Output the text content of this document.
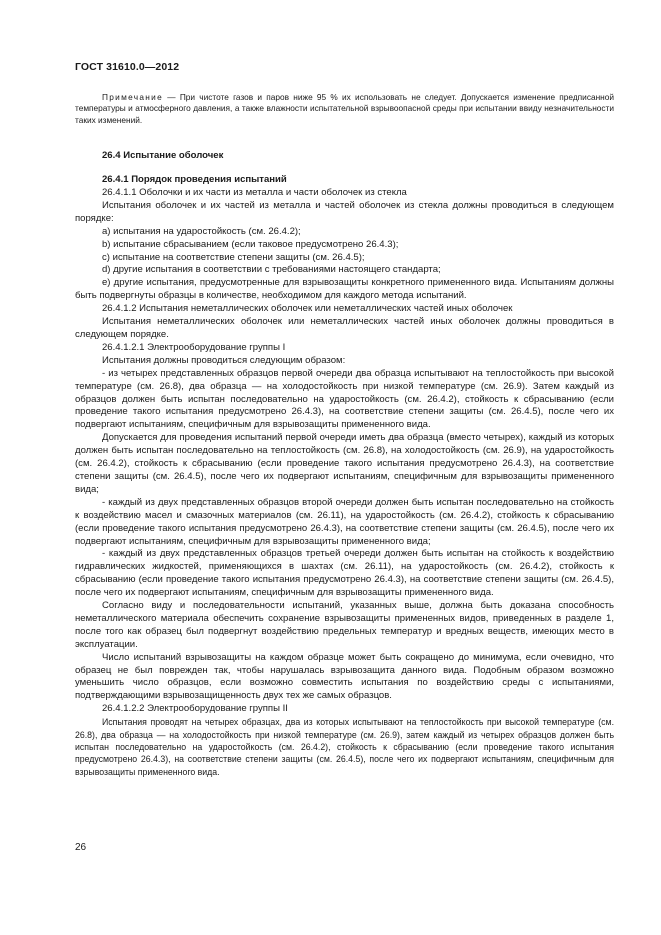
ГОСТ 31610.0—2012

Примечание — При чистоте газов и паров ниже 95 % их использовать не следует. Допускается изменение предписанной температуры и атмосферного давления, а также влажности испытательной взрывоопасной среды при испытании ввиду незначительности таких изменений.

26.4 Испытание оболочек
26.4.1 Порядок проведения испытаний

26.4.1.1 Оболочки и их части из металла и части оболочек из стекла

Испытания оболочек и их частей из металла и частей оболочек из стекла должны проводиться в следующем порядке:

a) испытания на ударостойкость (см. 26.4.2);

b) испытание сбрасыванием (если таковое предусмотрено 26.4.3);

c) испытание на соответствие степени защиты (см. 26.4.5);

d) другие испытания в соответствии с требованиями настоящего стандарта;

e) другие испытания, предусмотренные для взрывозащиты конкретного примененного вида. Испытаниям должны быть подвергнуты образцы в количестве, необходимом для каждого метода испытаний.

26.4.1.2 Испытания неметаллических оболочек или неметаллических частей иных оболочек

Испытания неметаллических оболочек или неметаллических частей иных оболочек должны проводиться в следующем порядке.

26.4.1.2.1 Электрооборудование группы I

Испытания должны проводиться следующим образом:

- из четырех представленных образцов первой очереди два образца испытывают на теплостойкость при высокой температуре (см. 26.8), два образца — на холодостойкость при низкой температуре (см. 26.9). Затем каждый из образцов должен быть испытан последовательно на ударостойкость (см. 26.4.2), стойкость к сбрасыванию (если проведение такого испытания предусмотрено 26.4.3), на соответствие степени защиты (см. 26.4.5), после чего их подвергают испытаниям, специфичным для взрывозащиты примененного вида.

Допускается для проведения испытаний первой очереди иметь два образца (вместо четырех), каждый из которых должен быть испытан последовательно на теплостойкость (см. 26.8), на холодостойкость (см. 26.9), на ударостойкость (см. 26.4.2), стойкость к сбрасыванию (если проведение такого испытания предусмотрено 26.4.3), на соответствие степени защиты (см. 26.4.5), после чего их подвергают испытаниям, специфичным для взрывозащиты примененного вида;

- каждый из двух представленных образцов второй очереди должен быть испытан последовательно на стойкость к воздействию масел и смазочных материалов (см. 26.11), на ударостойкость (см. 26.4.2), стойкость к сбрасыванию (если проведение такого испытания предусмотрено 26.4.3), на соответствие степени защиты (см. 26.4.5), после чего их подвергают испытаниям, специфичным для взрывозащиты примененного вида;

- каждый из двух представленных образцов третьей очереди должен быть испытан на стойкость к воздействию гидравлических жидкостей, применяющихся в шахтах (см. 26.11), на ударостойкость (см. 26.4.2), стойкость к сбрасыванию (если проведение такого испытания предусмотрено 26.4.3), на соответствие степени защиты (см. 26.4.5), после чего их подвергают испытаниям, специфичным для взрывозащиты примененного вида.

Согласно виду и последовательности испытаний, указанных выше, должна быть доказана способность неметаллического материала обеспечить сохранение взрывозащиты примененных видов, приведенных в разделе 1, после того как образец был подвергнут воздействию предельных температур и вредных веществ, имеющих место в эксплуатации.

Число испытаний взрывозащиты на каждом образце может быть сокращено до минимума, если очевидно, что образец не был поврежден так, чтобы нарушалась взрывозащита данного вида. Подобным образом возможно уменьшить число образцов, если возможно совместить испытания по воздействию среды с испытаниями, подтверждающими взрывозащищенность двух тех же самых образцов.

26.4.1.2.2 Электрооборудование группы II

Испытания проводят на четырех образцах, два из которых испытывают на теплостойкость при высокой температуре (см. 26.8), два образца — на холодостойкость при низкой температуре (см. 26.9), затем каждый из четырех образцов должен быть испытан последовательно на ударостойкость (см. 26.4.2), стойкость к сбрасыванию (если проведение такого испытания предусмотрено 26.4.3), на соответствие степени защиты (см. 26.4.5), после чего их подвергают испытаниям, специфичным для взрывозащиты примененного вида.

26
